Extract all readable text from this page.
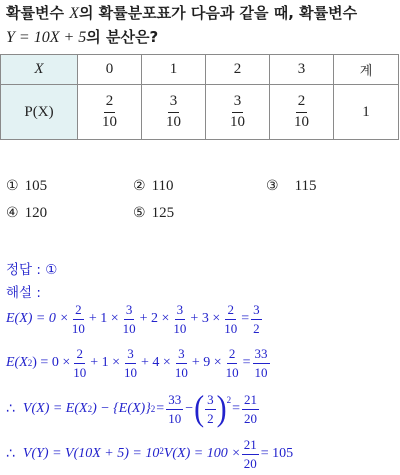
확률변수 X의 확률분포표가 다음과 같을 때, 확률변수
Y = 10X + 5의 분산은?
X	0	1	2	3	계
P(X)	$\frac{2}{10}$	$\frac{3}{10}$	$\frac{3}{10}$	$\frac{2}{10}$	1
① 105	② 110	③ 115
④ 120	⑤ 125
정답 : ①
해설 :
$E(X) = 0 \times \frac{2}{10} + 1 \times \frac{3}{10} + 2 \times \frac{3}{10} + 3 \times \frac{2}{10} = \frac{3}{2}$
E(X 2 ) = $0 \times \frac{2}{10} + 1 \times \frac{3}{10} + 4 \times \frac{3}{10} + 9 \times \frac{2}{10} = \frac{33}{10}$
∴ V(X) = E(X 2 ) − {E(X)} $2 = \frac{33}{10}$ − ( $\frac{3}{2} )^2$
= $\frac{21}{20}$
∴ $V(Y) = V(10X + 5) = 10^2$ $V(X) = 100 \times \frac{21}{20} = 105$
